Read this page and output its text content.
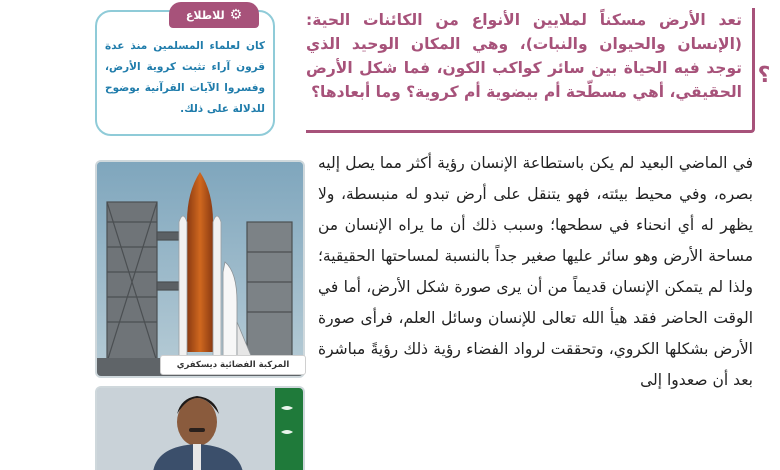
⚙
للاطلاع
كان لعلماء المسلمين منذ عدة قرون آراء تثبت كروية الأرض، وفسروا الآيات القرآنية بوضوح للدلالة على ذلك.
تعد الأرض مسكناً لملايين الأنواع من الكائنات الحية: (الإنسان والحيوان والنبات)، وهي المكان الوحيد الذي توجد فيه الحياة بين سائر كواكب الكون، فما شكل الأرض الحقيقي، أهي مسطّحة أم بيضوية أم كروية؟ وما أبعادها؟
؟
في الماضي البعيد لم يكن باستطاعة الإنسان رؤية أكثر مما يصل إليه بصره، وفي محيط بيئته، فهو يتنقل على أرض تبدو له منبسطة، ولا يظهر له أي انحناء في سطحها؛ وسبب ذلك أن ما يراه الإنسان من مساحة الأرض وهو سائر عليها صغير جداً بالنسبة لمساحتها الحقيقية؛ ولذا لم يتمكن الإنسان قديماً من أن يرى صورة شكل الأرض، أما في الوقت الحاضر فقد هيأ الله تعالى للإنسان وسائل العلم، فرأى صورة الأرض بشكلها الكروي، وتحققت لرواد الفضاء رؤية ذلك رؤيةً مباشرة بعد أن صعدوا إلى
المركبة الفضائية ديسكفري
